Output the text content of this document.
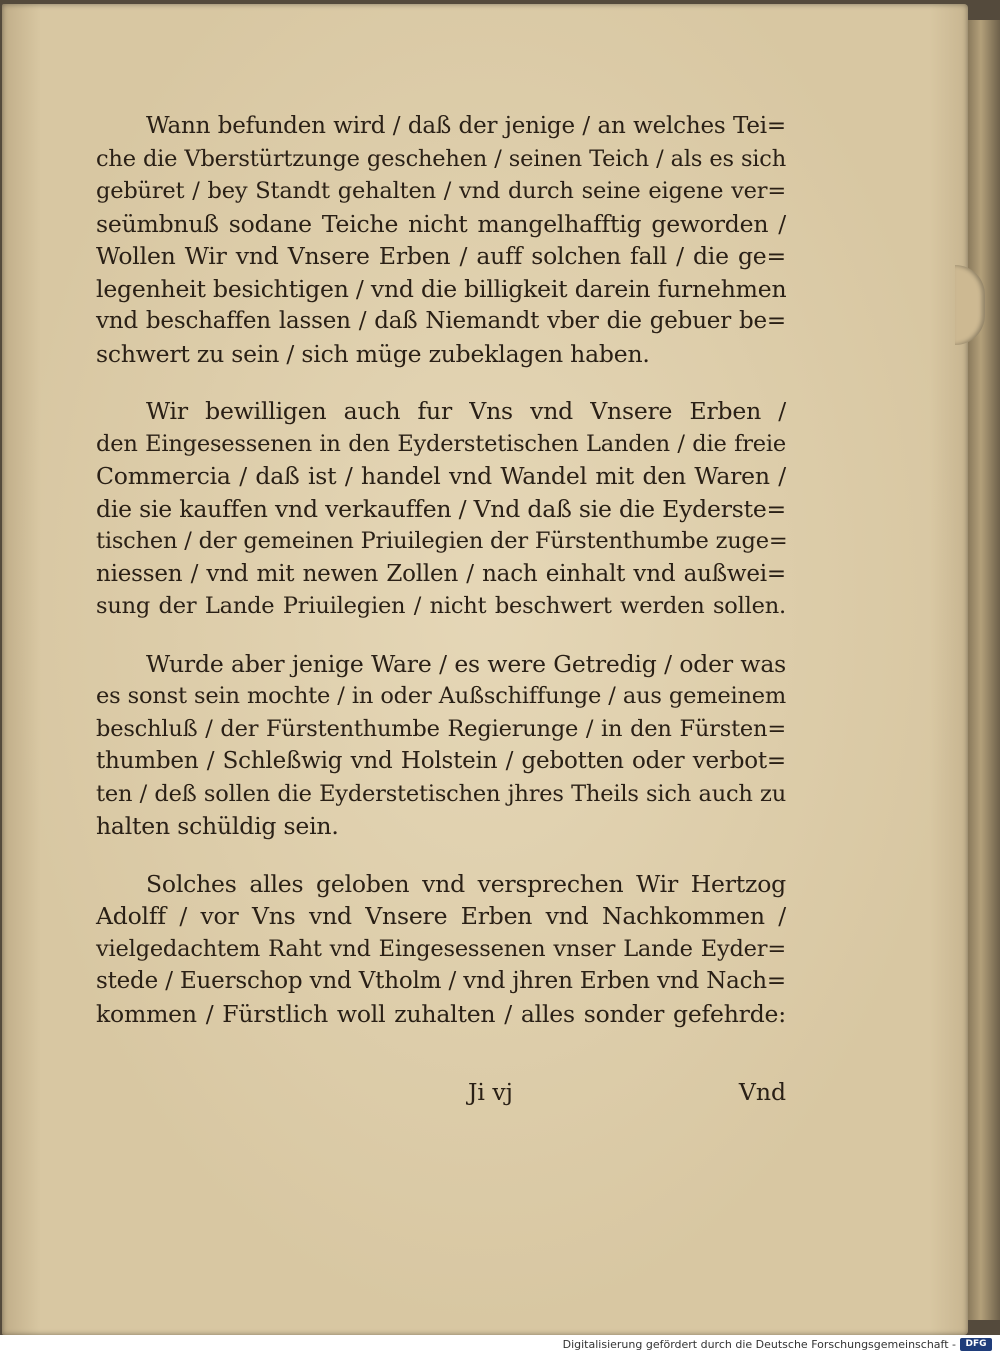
Wann befunden wird / daß der jenige / an welches Tei=
che die Vberstürtzunge geschehen / seinen Teich / als es sich
gebüret / bey Standt gehalten / vnd durch seine eigene ver=
seümbnuß sodane Teiche nicht mangelhafftig geworden /
Wollen Wir vnd Vnsere Erben / auff solchen fall / die ge=
legenheit besichtigen / vnd die billigkeit darein furnehmen
vnd beschaffen lassen / daß Niemandt vber die gebuer be=
schwert zu sein / sich müge zubeklagen haben.
Wir bewilligen auch fur Vns vnd Vnsere Erben /
den Eingesessenen in den Eyderstetischen Landen / die freie
Commercia / daß ist / handel vnd Wandel mit den Waren /
die sie kauffen vnd verkauffen / Vnd daß sie die Eyderste=
tischen / der gemeinen Priuilegien der Fürstenthumbe zuge=
niessen / vnd mit newen Zollen / nach einhalt vnd außwei=
sung der Lande Priuilegien / nicht beschwert werden sollen.
Wurde aber jenige Ware / es were Getredig / oder was
es sonst sein mochte / in oder Außschiffunge / aus gemeinem
beschluß / der Fürstenthumbe Regierunge / in den Fürsten=
thumben / Schleßwig vnd Holstein / gebotten oder verbot=
ten / deß sollen die Eyderstetischen jhres Theils sich auch zu
halten schüldig sein.
Solches alles geloben vnd versprechen Wir Hertzog
Adolff / vor Vns vnd Vnsere Erben vnd Nachkommen /
vielgedachtem Raht vnd Eingesessenen vnser Lande Eyder=
stede / Euerschop vnd Vtholm / vnd jhren Erben vnd Nach=
kommen / Fürstlich woll zuhalten / alles sonder gefehrde:
Ji vj	Vnd
Digitalisierung gefördert durch die Deutsche Forschungsgemeinschaft -	DFG
